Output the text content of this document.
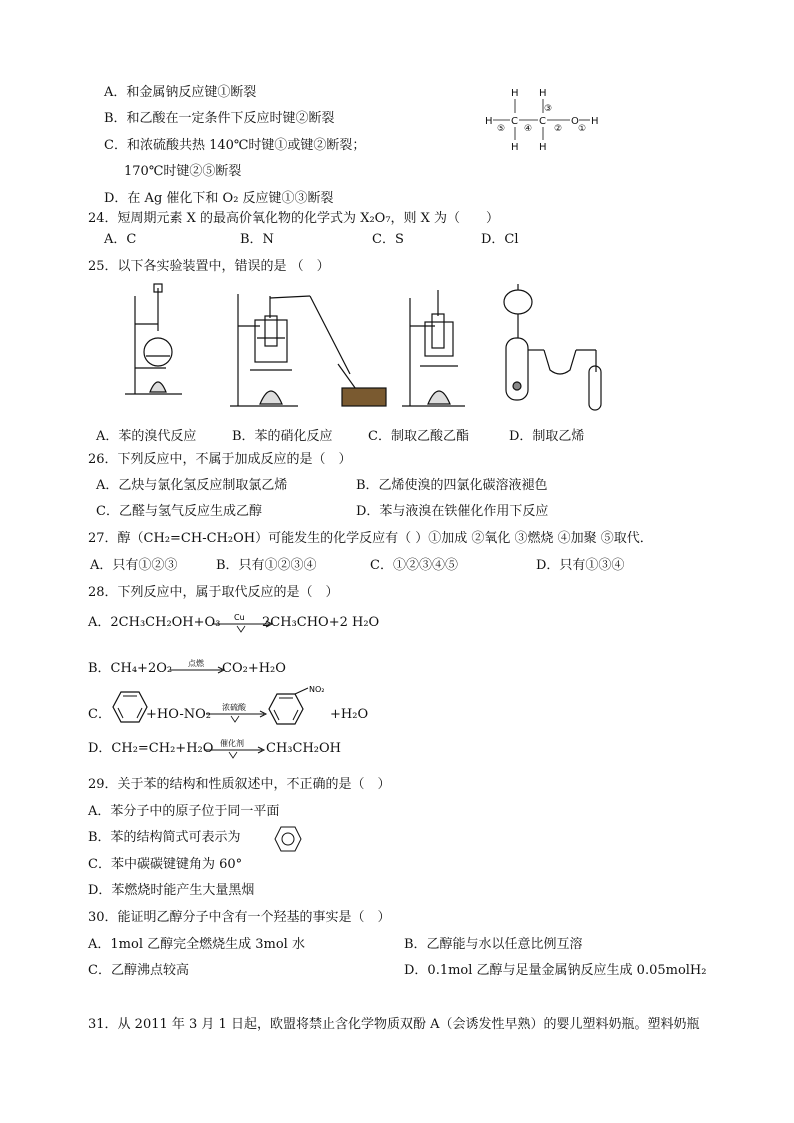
A．和金属钠反应键①断裂
B．和乙酸在一定条件下反应时键②断裂
C．和浓硫酸共热 140℃时键①或键②断裂；
170℃时键②⑤断裂
D．在 Ag 催化下和 O₂ 反应键①③断裂
H H
H C C	O H
H H
⑤ ④
③
② ①
24．短周期元素 X 的最高价氧化物的化学式为 X₂O₇，则 X 为（　　）
A．C	B．N	C．S	D．Cl
25．以下各实验装置中，错误的是 （　）
A．苯的溴代反应	B．苯的硝化反应	C．制取乙酸乙酯	D．制取乙烯
26．下列反应中，不属于加成反应的是（　）
A．乙炔与氯化氢反应制取氯乙烯	B．乙烯使溴的四氯化碳溶液褪色
C．乙醛与氢气反应生成乙醇	D．苯与液溴在铁催化作用下反应
27．醇（CH₂=CH-CH₂OH）可能发生的化学反应有（ ）①加成 ②氧化 ③燃烧 ④加聚 ⑤取代．
A．只有①②③	B．只有①②③④	C．①②③④⑤	D．只有①③④
28．下列反应中，属于取代反应的是（　）
A．2CH₃CH₂OH+O₃ Cu 2CH₃CHO+2 H₂O
B．CH₄+2O₂ 点燃 CO₂+H₂O
C．	+HO-NO₂ 浓硫酸
NO₂
+H₂O
D．CH₂=CH₂+H₂O 催化剂 CH₃CH₂OH
29．关于苯的结构和性质叙述中，不正确的是（　）
A．苯分子中的原子位于同一平面
B．苯的结构简式可表示为
C．苯中碳碳键键角为 60°
D．苯燃烧时能产生大量黑烟
30．能证明乙醇分子中含有一个羟基的事实是（　）
A．1mol 乙醇完全燃烧生成 3mol 水	B．乙醇能与水以任意比例互溶
C．乙醇沸点较高	D．0.1mol 乙醇与足量金属钠反应生成 0.05molH₂
31．从 2011 年 3 月 1 日起，欧盟将禁止含化学物质双酚 A（会诱发性早熟）的婴儿塑料奶瓶。塑料奶瓶
